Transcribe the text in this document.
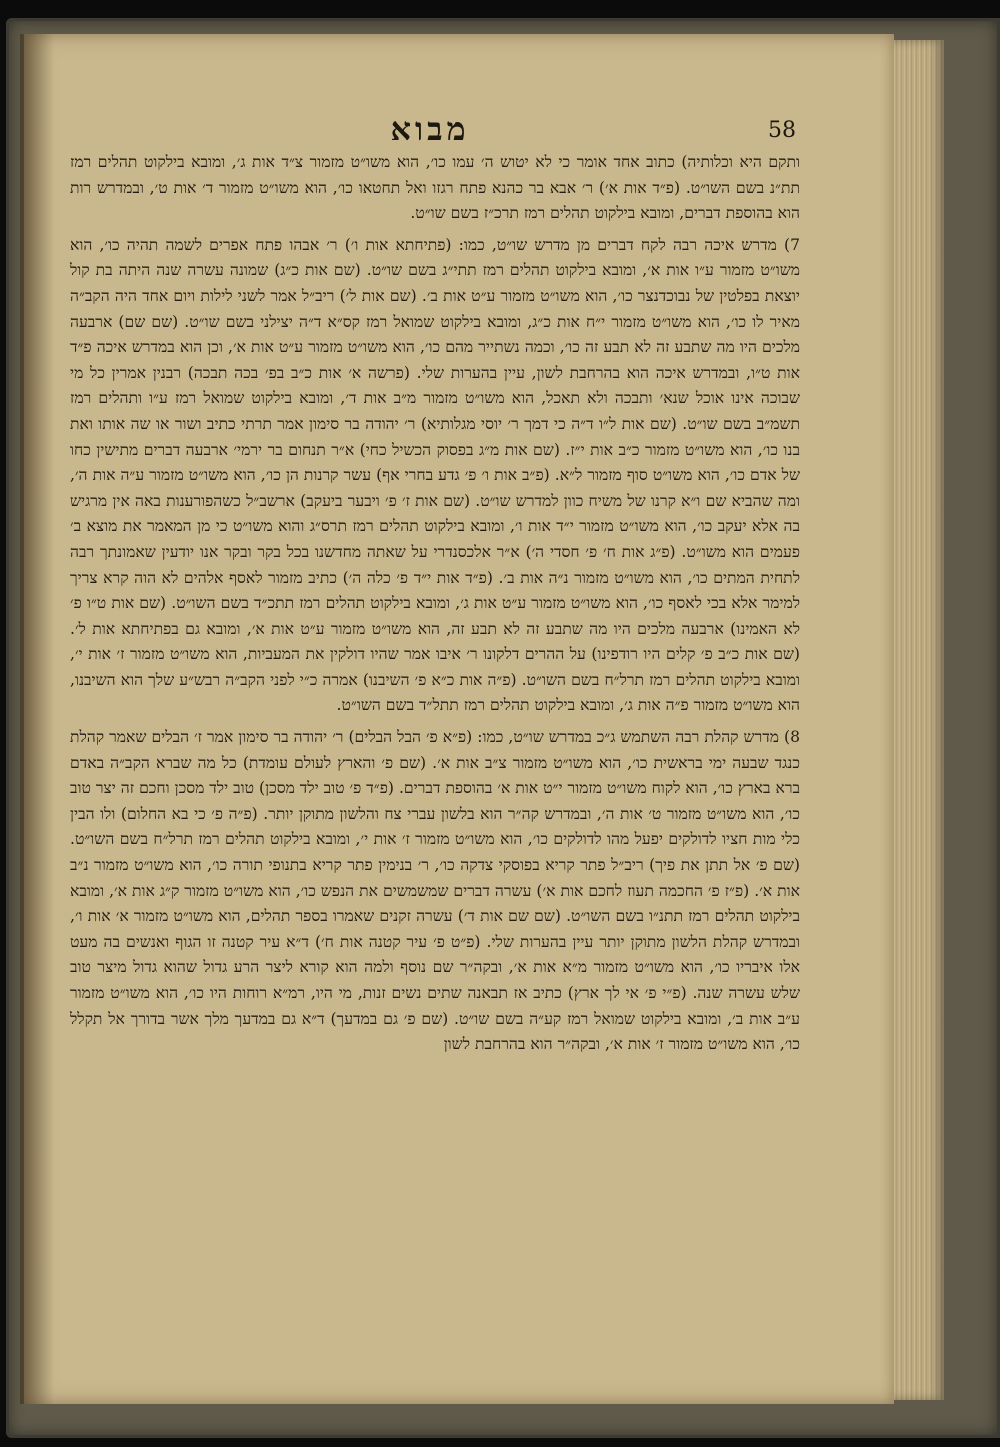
מבוא	58

ותקם היא וכלותיה) כתוב אחד אומר כי לא יטוש ה׳ עמו כו׳, הוא משו״ט מזמור צ״ד אות ג׳, ומובא בילקוט תהלים רמז תת״נ בשם השו״ט. (פ״ד אות א׳) ר׳ אבא בר כהנא פתח רגזו ואל תחטאו כו׳, הוא משו״ט מזמור ד׳ אות ט׳, ובמדרש רות הוא בהוספת דברים, ומובא בילקוט תהלים רמז תרכ״ז בשם שו״ט.

7) מדרש איכה רבה לקח דברים מן מדרש שו״ט, כמו: (פתיחתא אות ו׳) ר׳ אבהו פתח אפרים לשמה תהיה כו׳, הוא משו״ט מזמור ע״ו אות א׳, ומובא בילקוט תהלים רמז תתי״ג בשם שו״ט. (שם אות כ״ג) שמונה עשרה שנה היתה בת קול יוצאת בפלטין של נבוכדנצר כו׳, הוא משו״ט מזמור ע״ט אות ב׳. (שם אות ל׳) ריב״ל אמר לשני לילות ויום אחד היה הקב״ה מאיר לו כו׳, הוא משו״ט מזמור י״ח אות כ״ג, ומובא בילקוט שמואל רמז קס״א ד״ה יצילני בשם שו״ט. (שם שם) ארבעה מלכים היו מה שתבע זה לא תבע זה כו׳, וכמה נשתייר מהם כו׳, הוא משו״ט מזמור ע״ט אות א׳, וכן הוא במדרש איכה פ״ד אות ט״ו, ובמדרש איכה הוא בהרחבת לשון, עיין בהערות שלי. (פרשה א׳ אות כ״ב בפ׳ בכה תבכה) רבנין אמרין כל מי שבוכה אינו אוכל שנא׳ ותבכה ולא תאכל, הוא משו״ט מזמור מ״ב אות ד׳, ומובא בילקוט שמואל רמז ע״ו ותהלים רמז תשמ״ב בשם שו״ט. (שם אות ל״ו ד״ה כי דמך ר׳ יוסי מגלותיא) ר׳ יהודה בר סימון אמר תרתי כתיב ושור או שה אותו ואת בנו כו׳, הוא משו״ט מזמור כ״ב אות י״ז. (שם אות מ״ג בפסוק הכשיל כחי) א״ר תנחום בר ירמי׳ ארבעה דברים מתישין כחו של אדם כו׳, הוא משו״ט סוף מזמור ל״א. (פ״ב אות ו׳ פ׳ גדע בחרי אף) עשר קרנות הן כו׳, הוא משו״ט מזמור ע״ה אות ה׳, ומה שהביא שם ו״א קרנו של משיח כוון למדרש שו״ט. (שם אות ז׳ פ׳ ויבער ביעקב) ארשב״ל כשהפורענות באה אין מרגיש בה אלא יעקב כו׳, הוא משו״ט מזמור י״ד אות ו׳, ומובא בילקוט תהלים רמז תרס״ג והוא משו״ט כי מן המאמר את מוצא ב׳ פעמים הוא משו״ט. (פ״ג אות ח׳ פ׳ חסדי ה׳) א״ר אלכסנדרי על שאתה מחדשנו בכל בקר ובקר אנו יודעין שאמונתך רבה לתחית המתים כו׳, הוא משו״ט מזמור נ״ה אות ב׳. (פ״ד אות י״ד פ׳ כלה ה׳) כתיב מזמור לאסף אלהים לא הוה קרא צריך למימר אלא בכי לאסף כו׳, הוא משו״ט מזמור ע״ט אות ג׳, ומובא בילקוט תהלים רמז תתכ״ד בשם השו״ט. (שם אות ט״ו פ׳ לא האמינו) ארבעה מלכים היו מה שתבע זה לא תבע זה, הוא משו״ט מזמור ע״ט אות א׳, ומובא גם בפתיחתא אות ל׳. (שם אות כ״ב פ׳ קלים היו רודפינו) על ההרים דלקונו ר׳ איבו אמר שהיו דולקין את המעביות, הוא משו״ט מזמור ז׳ אות י׳, ומובא בילקוט תהלים רמז תרל״ח בשם השו״ט. (פ״ה אות כ״א פ׳ השיבנו) אמרה כ״י לפני הקב״ה רבש״ע שלך הוא השיבנו, הוא משו״ט מזמור פ״ה אות ג׳, ומובא בילקוט תהלים רמז תתל״ד בשם השו״ט.

8) מדרש קהלת רבה השתמש ג״כ במדרש שו״ט, כמו: (פ״א פ׳ הבל הבלים) ר׳ יהודה בר סימון אמר ז׳ הבלים שאמר קהלת כנגד שבעה ימי בראשית כו׳, הוא משו״ט מזמור צ״ב אות א׳. (שם פ׳ והארץ לעולם עומדת) כל מה שברא הקב״ה באדם ברא בארץ כו׳, הוא לקוח משו״ט מזמור י״ט אות א׳ בהוספת דברים. (פ״ד פ׳ טוב ילד מסכן) טוב ילד מסכן וחכם זה יצר טוב כו׳, הוא משו״ט מזמור ט׳ אות ה׳, ובמדרש קה״ר הוא בלשון עברי צח והלשון מתוקן יותר. (פ״ה פ׳ כי בא החלום) ולו הבין כלי מות חציו לדולקים יפעל מהו לדולקים כו׳, הוא משו״ט מזמור ז׳ אות י׳, ומובא בילקוט תהלים רמז תרל״ח בשם השו״ט. (שם פ׳ אל תתן את פיך) ריב״ל פתר קריא בפוסקי צדקה כו׳, ר׳ בנימין פתר קריא בתנופי תורה כו׳, הוא משו״ט מזמור נ״ב אות א׳. (פ״ז פ׳ החכמה תעוז לחכם אות א׳) עשרה דברים שמשמשים את הנפש כו׳, הוא משו״ט מזמור ק״ג אות א׳, ומובא בילקוט תהלים רמז תתנ״ו בשם השו״ט. (שם שם אות ד׳) עשרה זקנים שאמרו בספר תהלים, הוא משו״ט מזמור א׳ אות ו׳, ובמדרש קהלת הלשון מתוקן יותר עיין בהערות שלי. (פ״ט פ׳ עיר קטנה אות ח׳) ד״א עיר קטנה זו הגוף ואנשים בה מעט אלו איבריו כו׳, הוא משו״ט מזמור מ״א אות א׳, ובקה״ר שם נוסף ולמה הוא קורא ליצר הרע גדול שהוא גדול מיצר טוב שלש עשרה שנה. (פ״י פ׳ אי לך ארץ) כתיב אז תבאנה שתים נשים זנות, מי היו, רמ״א רוחות היו כו׳, הוא משו״ט מזמור ע״ב אות ב׳, ומובא בילקוט שמואל רמז קע״ה בשם שו״ט. (שם פ׳ גם במדעך) ד״א גם במדעך מלך אשר בדורך אל תקלל כו׳, הוא משו״ט מזמור ז׳ אות א׳, ובקה״ר הוא בהרחבת לשון
